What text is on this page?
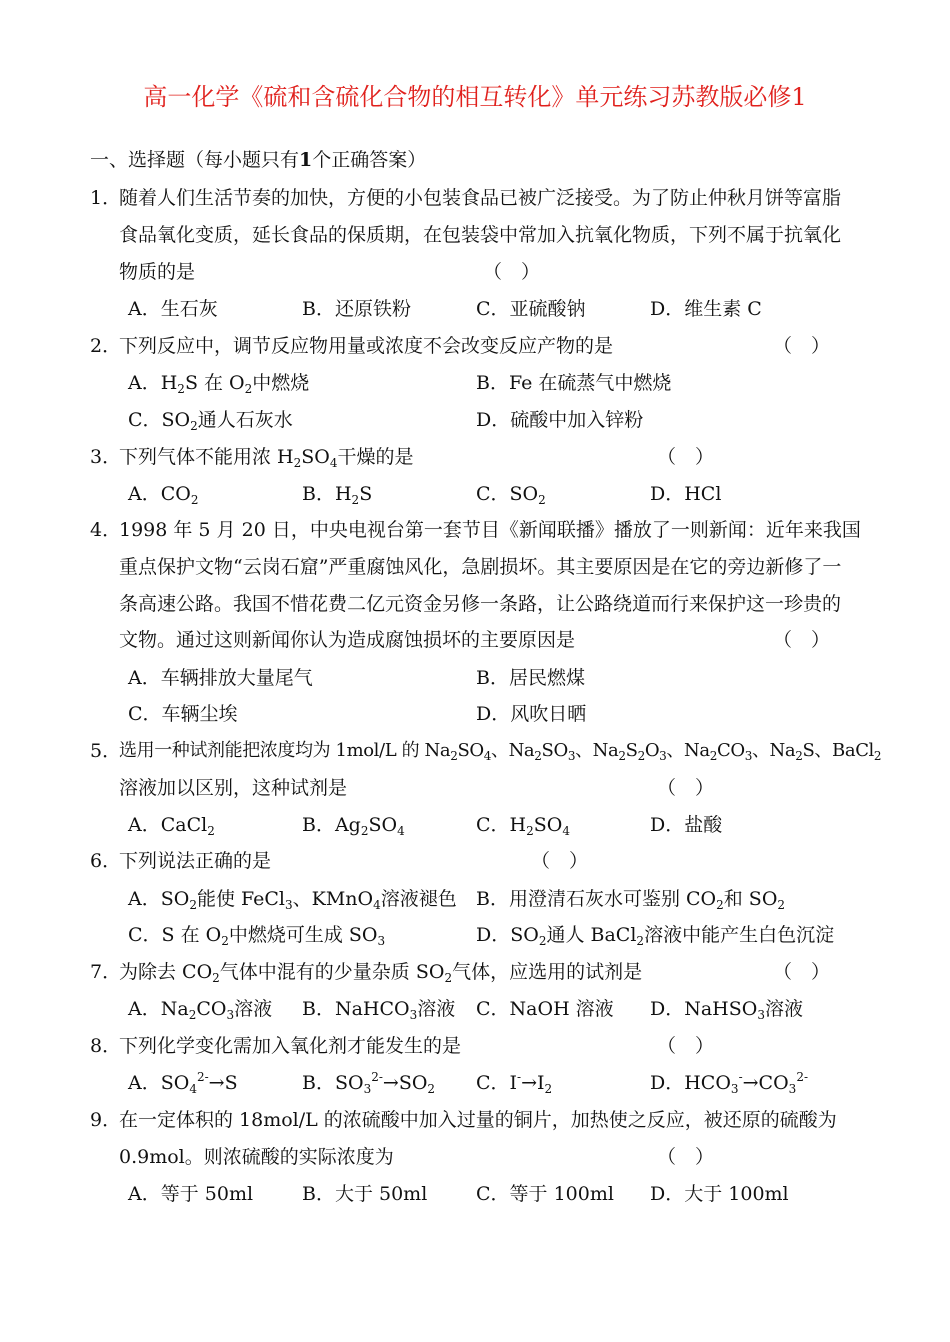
高一化学《硫和含硫化合物的相互转化》单元练习苏教版必修1
一、选择题（每小题只有1个正确答案）
1．
随着人们生活节奏的加快，方便的小包装食品已被广泛接受。为了防止仲秋月饼等富脂
食品氧化变质，延长食品的保质期，在包装袋中常加入抗氧化物质，下列不属于抗氧化
物质的是	（　）
A．生石灰	B．还原铁粉	C．亚硫酸钠	D．维生素 C
2．
下列反应中，调节反应物用量或浓度不会改变反应产物的是	（　）
A．$H_2S$ 在 $O_2$中燃烧	B．Fe 在硫蒸气中燃烧
C．$SO_2$通人石灰水	D．硫酸中加入锌粉
3．
下列气体不能用浓 $H_2SO_4$干燥的是	（　）
A．$CO_2$	B．$H_2S$	C．$SO_2$	D．HCl
4．
1998 年 5 月 20 日，中央电视台第一套节目《新闻联播》播放了一则新闻：近年来我国
重点保护文物“云岗石窟”严重腐蚀风化，急剧损坏。其主要原因是在它的旁边新修了一
条高速公路。我国不惜花费二亿元资金另修一条路，让公路绕道而行来保护这一珍贵的
文物。通过这则新闻你认为造成腐蚀损坏的主要原因是	（　）
A．车辆排放大量尾气	B．居民燃煤
C．车辆尘埃	D．风吹日晒
5．
选用一种试剂能把浓度均为 1mol/L 的 $Na_2SO_4$、$Na_2SO_3$、$Na_2S_2O_3$、$Na_2CO_3$、$Na_2S$、BaCl$_2$
溶液加以区别，这种试剂是	（　）
A．CaCl$_2$	B．$Ag_2SO_4$	C．$H_2SO_4$	D．盐酸
6．
下列说法正确的是	（　）
A．$SO_2$能使 FeCl$_3$、KMnO$_4$溶液褪色 B．用澄清石灰水可鉴别 $CO_2$和 $SO_2$
C．S 在 $O_2$中燃烧可生成 $SO_3$	D．$SO_2$通人 BaCl$_2$溶液中能产生白色沉淀
7．
为除去 $CO_2$气体中混有的少量杂质 $SO_2$气体，应选用的试剂是	（　）
A．$Na_2CO_3$溶液 B．NaHCO$_3$溶液 C．NaOH 溶液 D．NaHSO$_3$溶液
8．
下列化学变化需加入氧化剂才能发生的是	（　）
A．$SO_4^{2-}\to S$	B．$SO_3^{2-}\to SO_2$ C．$I^-\to I_2$	D．$HCO_3^-\to CO_3^{2-}$
9．
在一定体积的 18mol/L 的浓硫酸中加入过量的铜片，加热使之反应，被还原的硫酸为
0.9mol。则浓硫酸的实际浓度为	（　）
A．等于 50ml	B．大于 50ml	C．等于 100ml D．大于 100ml
